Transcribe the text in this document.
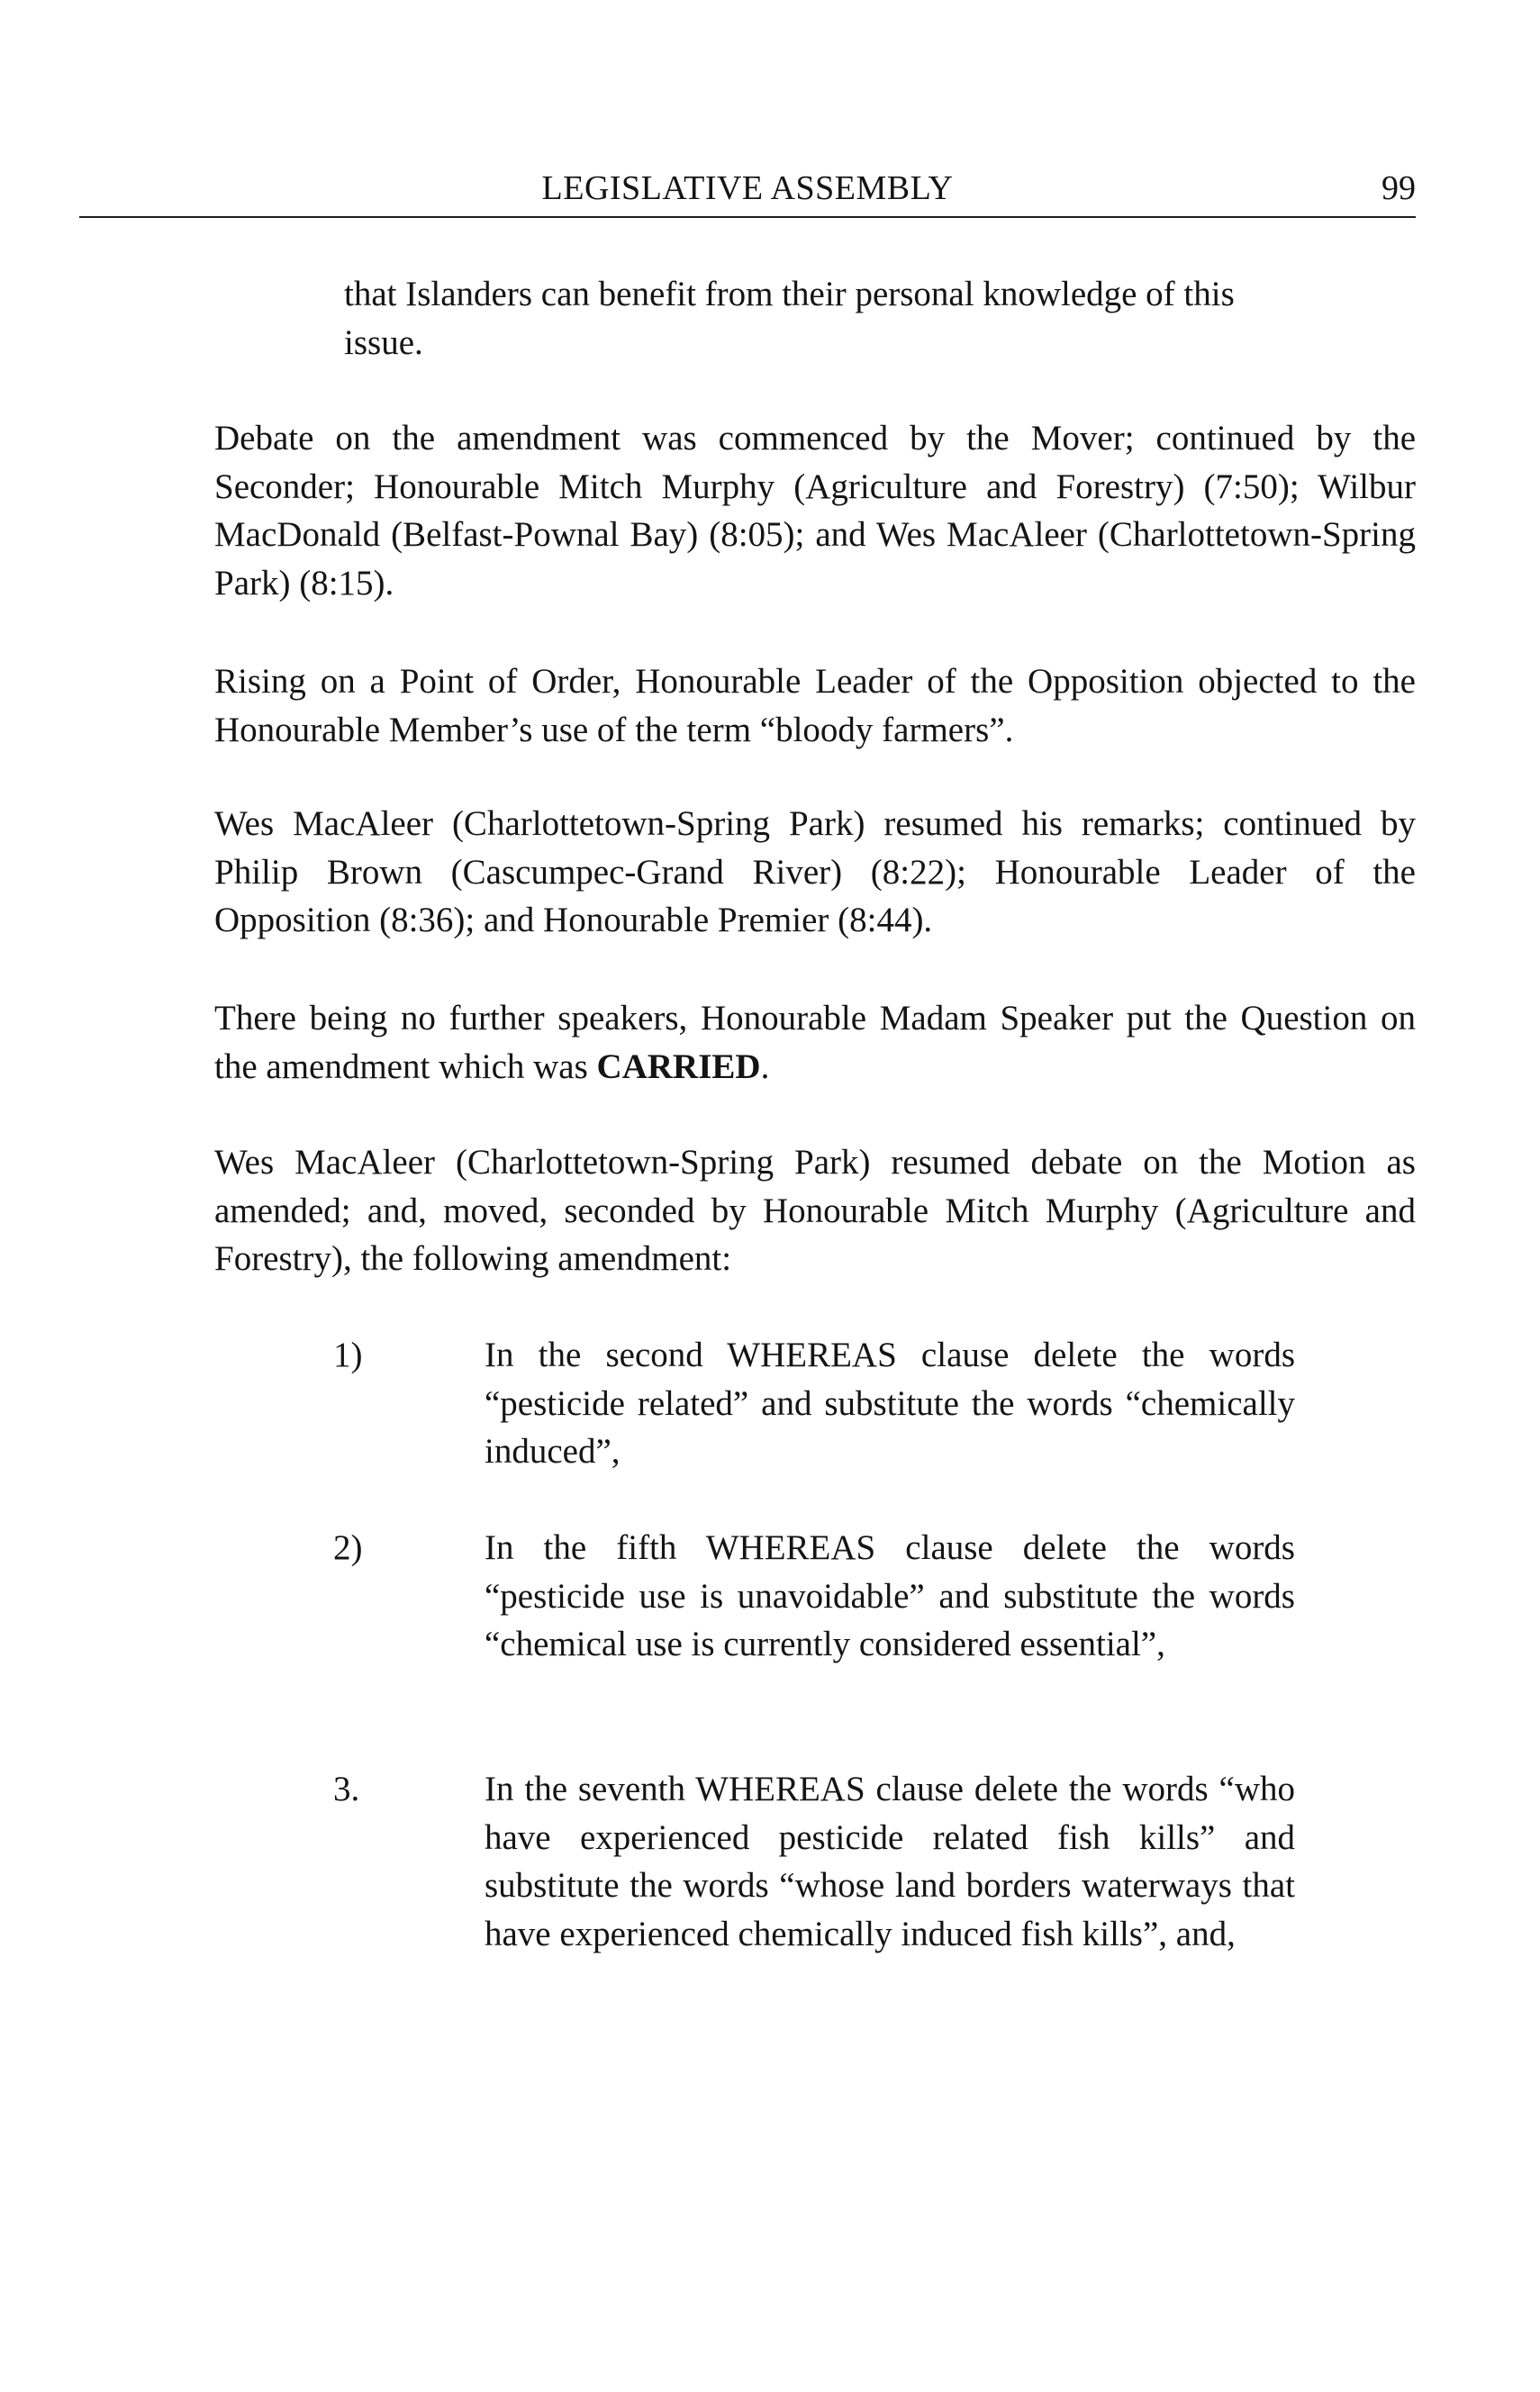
LEGISLATIVE ASSEMBLY	99

that Islanders can benefit from their personal knowledge of this issue.

Debate on the amendment was commenced by the Mover; continued by the Seconder; Honourable Mitch Murphy (Agriculture and Forestry) (7:50); Wilbur MacDonald (Belfast-Pownal Bay) (8:05); and Wes MacAleer (Charlottetown-Spring Park) (8:15).

Rising on a Point of Order, Honourable Leader of the Opposition objected to the Honourable Member’s use of the term “bloody farmers”.

Wes MacAleer (Charlottetown-Spring Park) resumed his remarks; continued by Philip Brown (Cascumpec-Grand River) (8:22); Honourable Leader of the Opposition (8:36); and Honourable Premier (8:44).

There being no further speakers, Honourable Madam Speaker put the Question on the amendment which was CARRIED.

Wes MacAleer (Charlottetown-Spring Park) resumed debate on the Motion as amended; and, moved, seconded by Honourable Mitch Murphy (Agriculture and Forestry), the following amendment:

1)	In the second WHEREAS clause delete the words “pesticide related” and substitute the words “chemically induced”,

2)	In the fifth WHEREAS clause delete the words “pesticide use is unavoidable” and substitute the words “chemical use is currently considered essential”,

3.	In the seventh WHEREAS clause delete the words “who have experienced pesticide related fish kills” and substitute the words “whose land borders waterways that have experienced chemically induced fish kills”, and,
